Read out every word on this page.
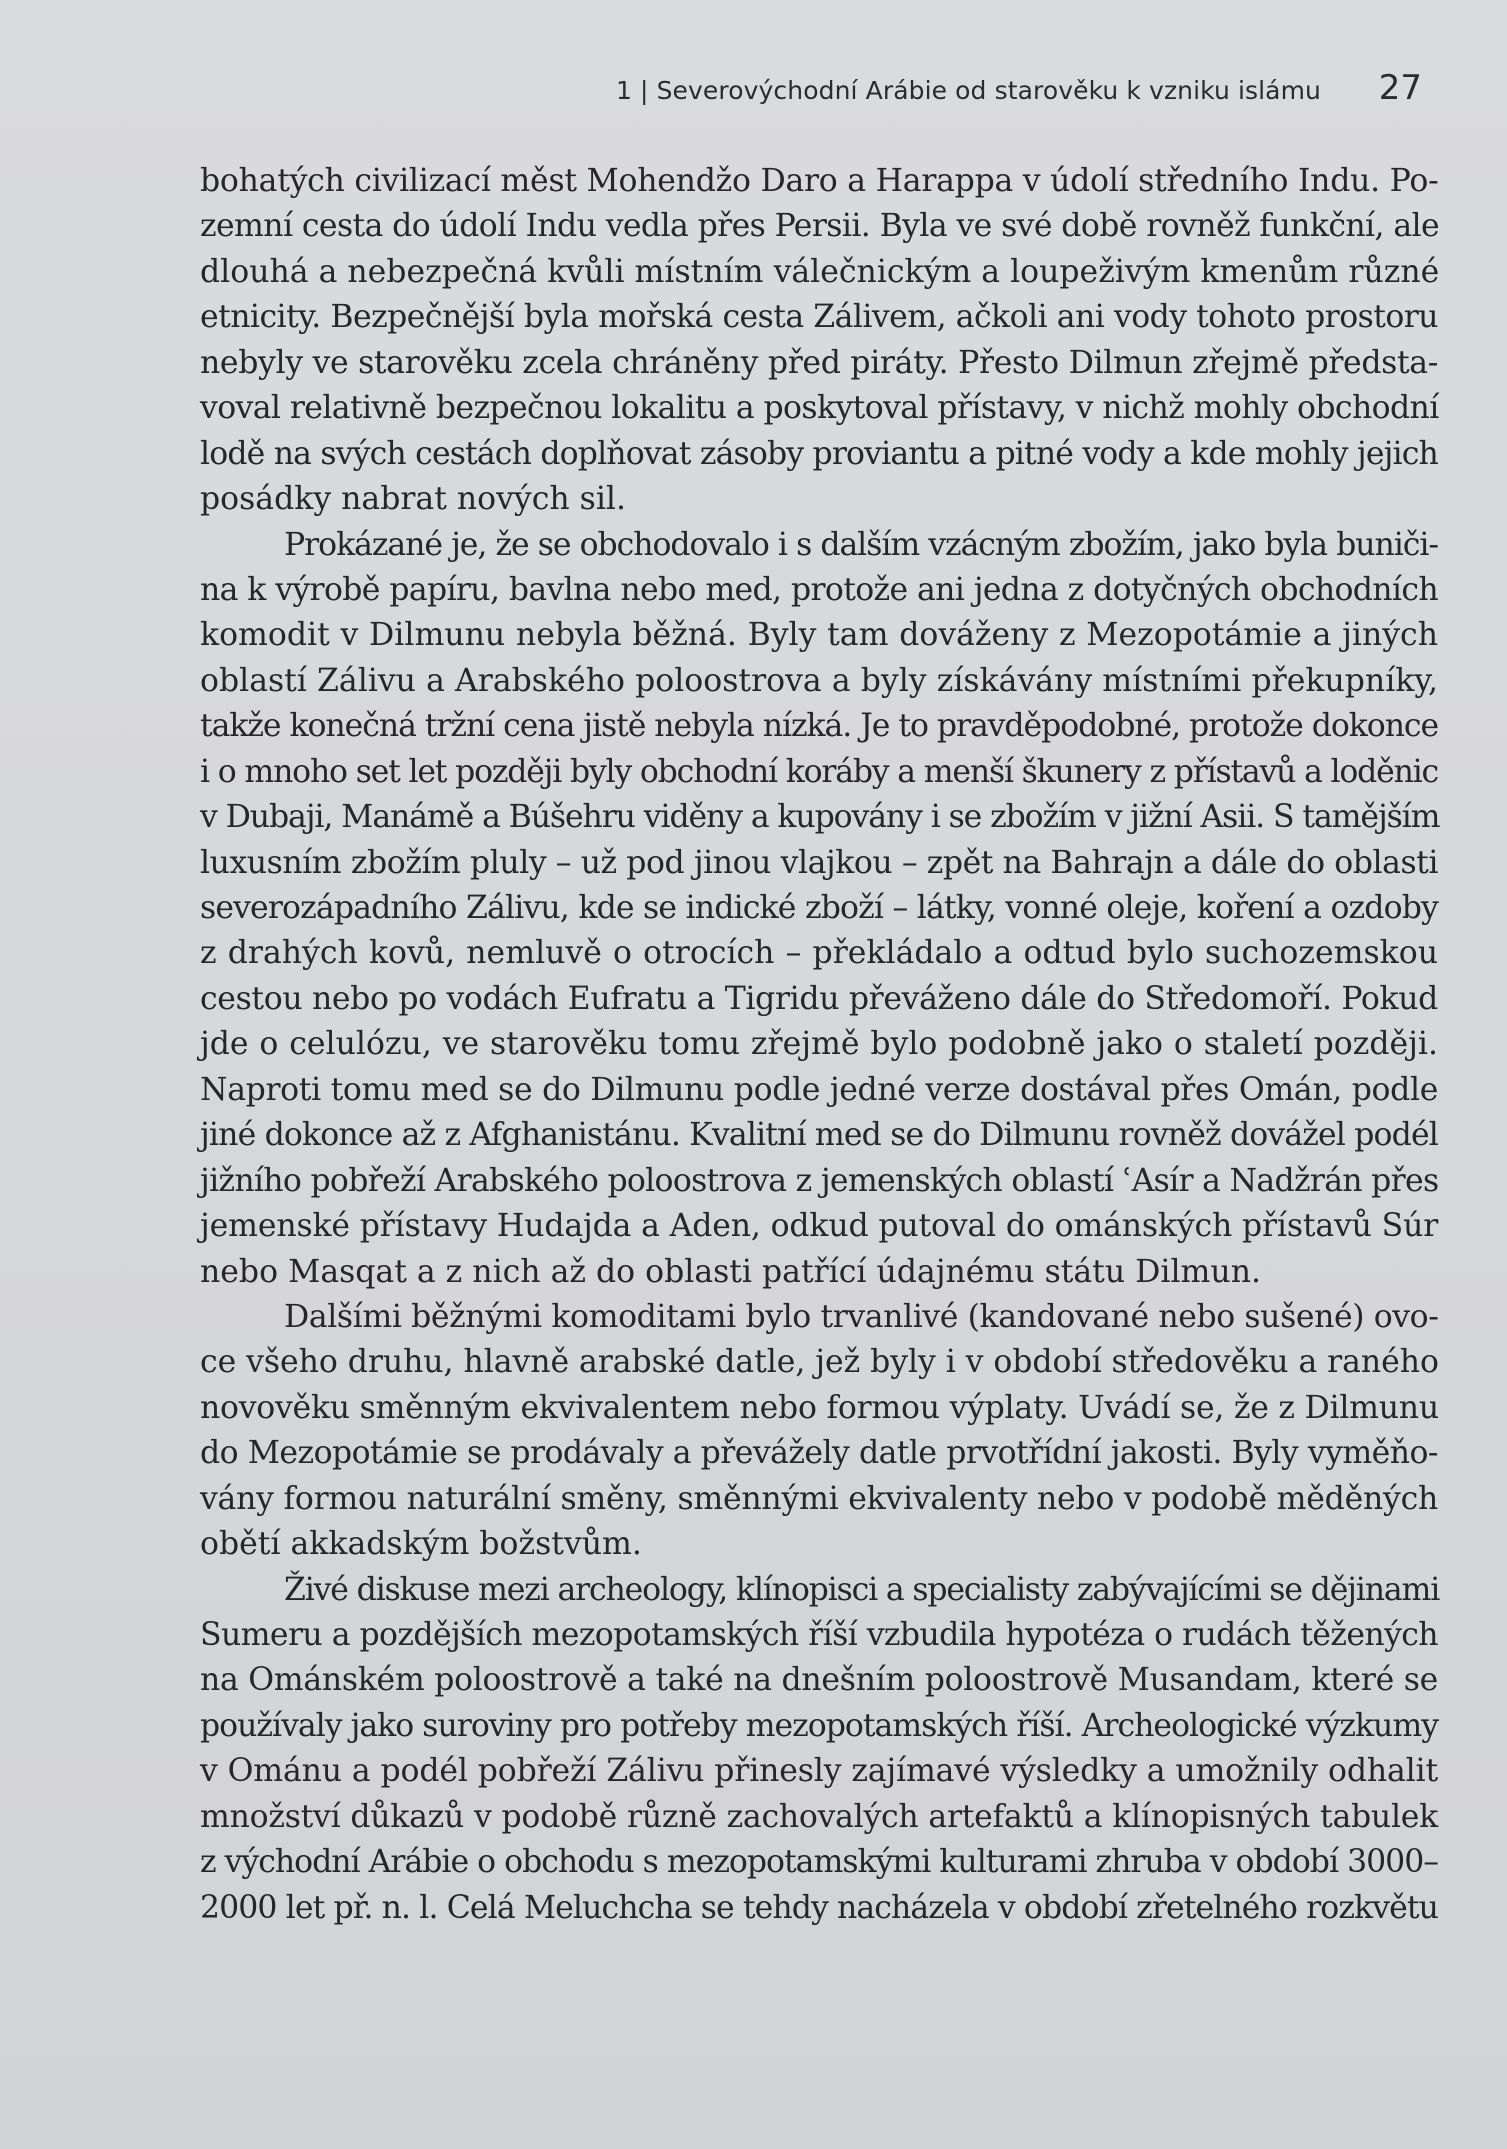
1 | Severovýchodní Arábie od starověku k vzniku islámu 27
bohatých civilizací měst Mohendžo Daro a Harappa v údolí středního Indu. Po-
zemní cesta do údolí Indu vedla přes Persii. Byla ve své době rovněž funkční, ale
dlouhá a nebezpečná kvůli místním válečnickým a loupeživým kmenům různé
etnicity. Bezpečnější byla mořská cesta Zálivem, ačkoli ani vody tohoto prostoru
nebyly ve starověku zcela chráněny před piráty. Přesto Dilmun zřejmě předsta-
voval relativně bezpečnou lokalitu a poskytoval přístavy, v nichž mohly obchodní
lodě na svých cestách doplňovat zásoby proviantu a pitné vody a kde mohly jejich
posádky nabrat nových sil.
Prokázané je, že se obchodovalo i s dalším vzácným zbožím, jako byla buniči-
na k výrobě papíru, bavlna nebo med, protože ani jedna z dotyčných obchodních
komodit v Dilmunu nebyla běžná. Byly tam dováženy z Mezopotámie a jiných
oblastí Zálivu a Arabského poloostrova a byly získávány místními překupníky,
takže konečná tržní cena jistě nebyla nízká. Je to pravděpodobné, protože dokonce
i o mnoho set let později byly obchodní koráby a menší škunery z přístavů a loděnic
v Dubaji, Manámě a Búšehru viděny a kupovány i se zbožím v jižní Asii. S tamějším
luxusním zbožím pluly – už pod jinou vlajkou – zpět na Bahrajn a dále do oblasti
severozápadního Zálivu, kde se indické zboží – látky, vonné oleje, koření a ozdoby
z drahých kovů, nemluvě o otrocích – překládalo a odtud bylo suchozemskou
cestou nebo po vodách Eufratu a Tigridu převáženo dále do Středomoří. Pokud
jde o celulózu, ve starověku tomu zřejmě bylo podobně jako o staletí později.
Naproti tomu med se do Dilmunu podle jedné verze dostával přes Omán, podle
jiné dokonce až z Afghanistánu. Kvalitní med se do Dilmunu rovněž dovážel podél
jižního pobřeží Arabského poloostrova z jemenských oblastí ʿAsír a Nadžrán přes
jemenské přístavy Hudajda a Aden, odkud putoval do ománských přístavů Súr
nebo Masqat a z nich až do oblasti patřící údajnému státu Dilmun.
Dalšími běžnými komoditami bylo trvanlivé (kandované nebo sušené) ovo-
ce všeho druhu, hlavně arabské datle, jež byly i v období středověku a raného
novověku směnným ekvivalentem nebo formou výplaty. Uvádí se, že z Dilmunu
do Mezopotámie se prodávaly a převážely datle prvotřídní jakosti. Byly vyměňo-
vány formou naturální směny, směnnými ekvivalenty nebo v podobě měděných
obětí akkadským božstvům.
Živé diskuse mezi archeology, klínopisci a specialisty zabývajícími se dějinami
Sumeru a pozdějších mezopotamských říší vzbudila hypotéza o rudách těžených
na Ománském poloostrově a také na dnešním poloostrově Musandam, které se
používaly jako suroviny pro potřeby mezopotamských říší. Archeologické výzkumy
v Ománu a podél pobřeží Zálivu přinesly zajímavé výsledky a umožnily odhalit
množství důkazů v podobě různě zachovalých artefaktů a klínopisných tabulek
z východní Arábie o obchodu s mezopotamskými kulturami zhruba v období 3000–
2000 let př. n. l. Celá Meluchcha se tehdy nacházela v období zřetelného rozkvětu
